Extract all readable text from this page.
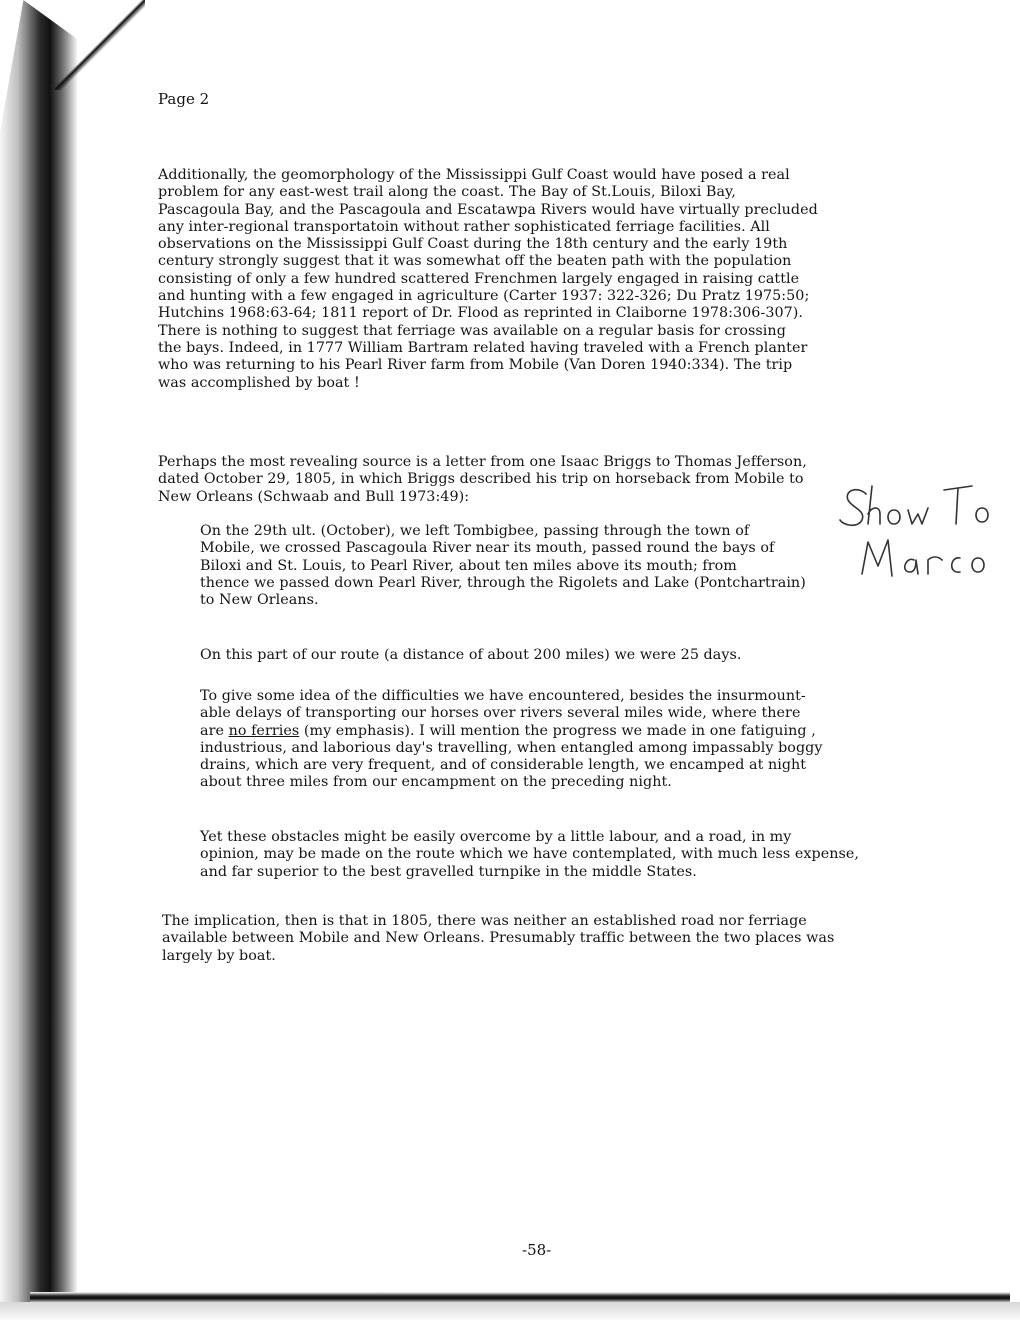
Page 2

Additionally, the geomorphology of the Mississippi Gulf Coast would have posed a real
problem for any east-west trail along the coast. The Bay of St.Louis, Biloxi Bay,
Pascagoula Bay, and the Pascagoula and Escatawpa Rivers would have virtually precluded
any inter-regional transportatoin without rather sophisticated ferriage facilities. All
observations on the Mississippi Gulf Coast during the 18th century and the early 19th
century strongly suggest that it was somewhat off the beaten path with the population
consisting of only a few hundred scattered Frenchmen largely engaged in raising cattle
and hunting with a few engaged in agriculture (Carter 1937: 322-326; Du Pratz 1975:50;
Hutchins 1968:63-64; 1811 report of Dr. Flood as reprinted in Claiborne 1978:306-307).
There is nothing to suggest that ferriage was available on a regular basis for crossing
the bays. Indeed, in 1777 William Bartram related having traveled with a French planter
who was returning to his Pearl River farm from Mobile (Van Doren 1940:334). The trip
was accomplished by boat !

Perhaps the most revealing source is a letter from one Isaac Briggs to Thomas Jefferson,
dated October 29, 1805, in which Briggs described his trip on horseback from Mobile to
New Orleans (Schwaab and Bull 1973:49):

On the 29th ult. (October), we left Tombigbee, passing through the town of
Mobile, we crossed Pascagoula River near its mouth, passed round the bays of
Biloxi and St. Louis, to Pearl River, about ten miles above its mouth; from
thence we passed down Pearl River, through the Rigolets and Lake (Pontchartrain)
to New Orleans.

On this part of our route (a distance of about 200 miles) we were 25 days.

To give some idea of the difficulties we have encountered, besides the insurmount-
able delays of transporting our horses over rivers several miles wide, where there
are no ferries (my emphasis). I will mention the progress we made in one fatiguing ,
industrious, and laborious day's travelling, when entangled among impassably boggy
drains, which are very frequent, and of considerable length, we encamped at night
about three miles from our encampment on the preceding night.

Yet these obstacles might be easily overcome by a little labour, and a road, in my
opinion, may be made on the route which we have contemplated, with much less expense,
and far superior to the best gravelled turnpike in the middle States.

The implication, then is that in 1805, there was neither an established road nor ferriage
available between Mobile and New Orleans. Presumably traffic between the two places was
largely by boat.

-58-
